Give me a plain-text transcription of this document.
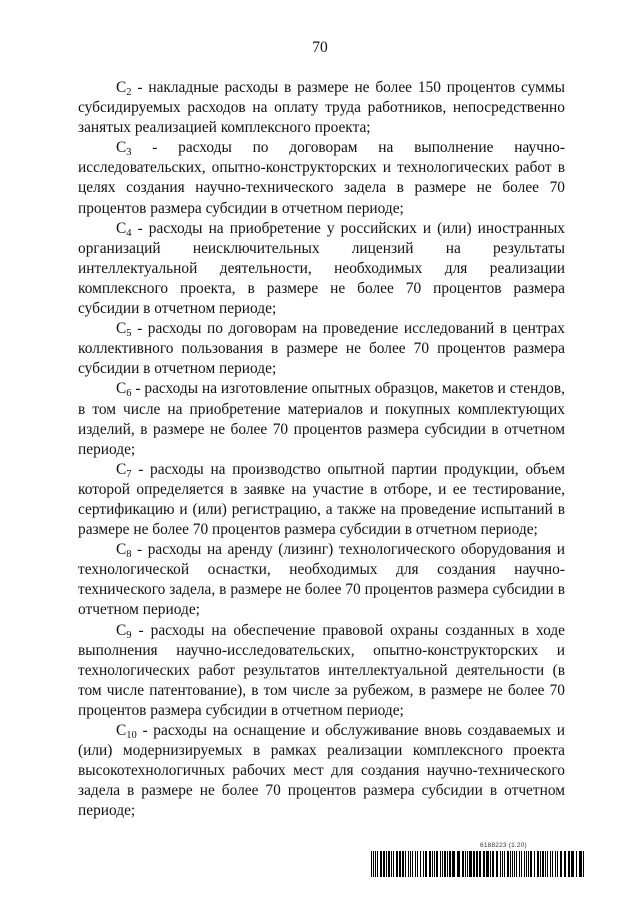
70

$С_2$ - накладные расходы в размере не более 150 процентов суммы субсидируемых расходов на оплату труда работников, непосредственно занятых реализацией комплексного проекта;

$С_3$ - расходы по договорам на выполнение научно-исследовательских, опытно-конструкторских и технологических работ в целях создания научно-технического задела в размере не более 70 процентов размера субсидии в отчетном периоде;

$С_4$ - расходы на приобретение у российских и (или) иностранных организаций неисключительных лицензий на результаты интеллектуальной деятельности, необходимых для реализации комплексного проекта, в размере не более 70 процентов размера субсидии в отчетном периоде;

$С_5$ - расходы по договорам на проведение исследований в центрах коллективного пользования в размере не более 70 процентов размера субсидии в отчетном периоде;

$С_6$ - расходы на изготовление опытных образцов, макетов и стендов, в том числе на приобретение материалов и покупных комплектующих изделий, в размере не более 70 процентов размера субсидии в отчетном периоде;

$С_7$ - расходы на производство опытной партии продукции, объем которой определяется в заявке на участие в отборе, и ее тестирование, сертификацию и (или) регистрацию, а также на проведение испытаний в размере не более 70 процентов размера субсидии в отчетном периоде;

$С_8$ - расходы на аренду (лизинг) технологического оборудования и технологической оснастки, необходимых для создания научно-технического задела, в размере не более 70 процентов размера субсидии в отчетном периоде;

$С_9$ - расходы на обеспечение правовой охраны созданных в ходе выполнения научно-исследовательских, опытно-конструкторских и технологических работ результатов интеллектуальной деятельности (в том числе патентование), в том числе за рубежом, в размере не более 70 процентов размера субсидии в отчетном периоде;

$С_{10}$ - расходы на оснащение и обслуживание вновь создаваемых и (или) модернизируемых в рамках реализации комплексного проекта высокотехнологичных рабочих мест для создания научно-технического задела в размере не более 70 процентов размера субсидии в отчетном периоде;

6188223 (1.20)
